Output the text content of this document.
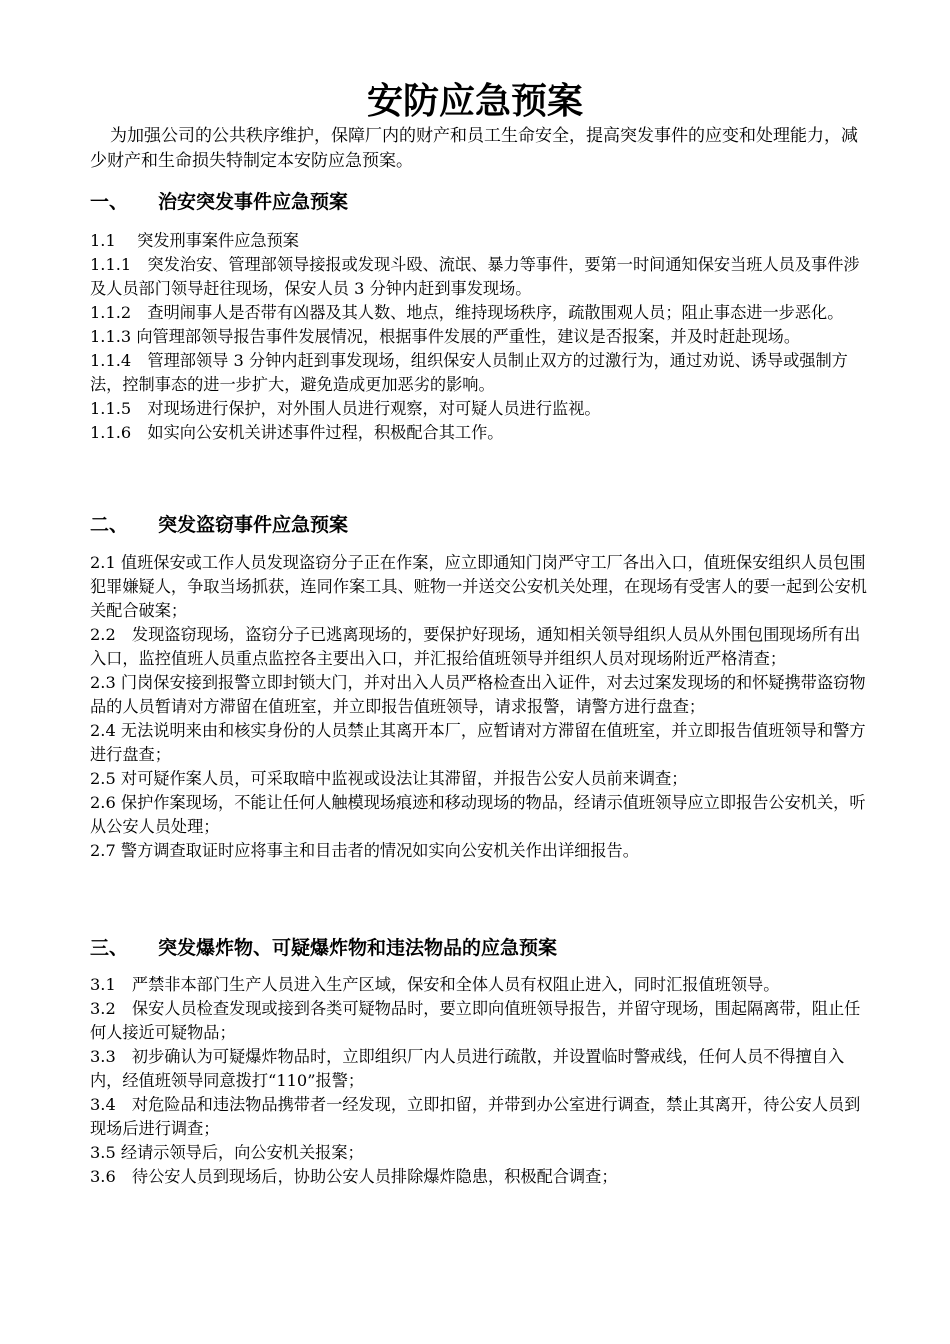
安防应急预案
为加强公司的公共秩序维护，保障厂内的财产和员工生命安全，提高突发事件的应变和处理能力，减少财产和生命损失特制定本安防应急预案。
一、 治安突发事件应急预案

1.1　 突发刑事案件应急预案

1.1.1　突发治安、管理部领导接报或发现斗殴、流氓、暴力等事件，要第一时间通知保安当班人员及事件涉及人员部门领导赶往现场，保安人员 3 分钟内赶到事发现场。

1.1.2　查明闹事人是否带有凶器及其人数、地点，维持现场秩序，疏散围观人员；阻止事态进一步恶化。

1.1.3 向管理部领导报告事件发展情况，根据事件发展的严重性，建议是否报案，并及时赶赴现场。

1.1.4　管理部领导 3 分钟内赶到事发现场，组织保安人员制止双方的过激行为，通过劝说、诱导或强制方法，控制事态的进一步扩大，避免造成更加恶劣的影响。

1.1.5　对现场进行保护，对外围人员进行观察，对可疑人员进行监视。

1.1.6　如实向公安机关讲述事件过程，积极配合其工作。

二、 突发盗窃事件应急预案

2.1 值班保安或工作人员发现盗窃分子正在作案，应立即通知门岗严守工厂各出入口，值班保安组织人员包围犯罪嫌疑人，争取当场抓获，连同作案工具、赃物一并送交公安机关处理，在现场有受害人的要一起到公安机关配合破案；

2.2　发现盗窃现场，盗窃分子已逃离现场的，要保护好现场，通知相关领导组织人员从外围包围现场所有出入口，监控值班人员重点监控各主要出入口，并汇报给值班领导并组织人员对现场附近严格清查；

2.3 门岗保安接到报警立即封锁大门，并对出入人员严格检查出入证件，对去过案发现场的和怀疑携带盗窃物品的人员暂请对方滞留在值班室，并立即报告值班领导，请求报警，请警方进行盘查；

2.4 无法说明来由和核实身份的人员禁止其离开本厂，应暂请对方滞留在值班室，并立即报告值班领导和警方进行盘查；

2.5 对可疑作案人员，可采取暗中监视或设法让其滞留，并报告公安人员前来调查；

2.6 保护作案现场，不能让任何人触模现场痕迹和移动现场的物品，经请示值班领导应立即报告公安机关，听从公安人员处理；

2.7 警方调查取证时应将事主和目击者的情况如实向公安机关作出详细报告。

三、 突发爆炸物、可疑爆炸物和违法物品的应急预案

3.1　严禁非本部门生产人员进入生产区域，保安和全体人员有权阻止进入，同时汇报值班领导。

3.2　保安人员检查发现或接到各类可疑物品时，要立即向值班领导报告，并留守现场，围起隔离带，阻止任何人接近可疑物品；

3.3　初步确认为可疑爆炸物品时，立即组织厂内人员进行疏散，并设置临时警戒线，任何人员不得擅自入内，经值班领导同意拨打“110”报警；

3.4　对危险品和违法物品携带者一经发现，立即扣留，并带到办公室进行调查，禁止其离开，待公安人员到现场后进行调查；

3.5 经请示领导后，向公安机关报案；

3.6　待公安人员到现场后，协助公安人员排除爆炸隐患，积极配合调查；
